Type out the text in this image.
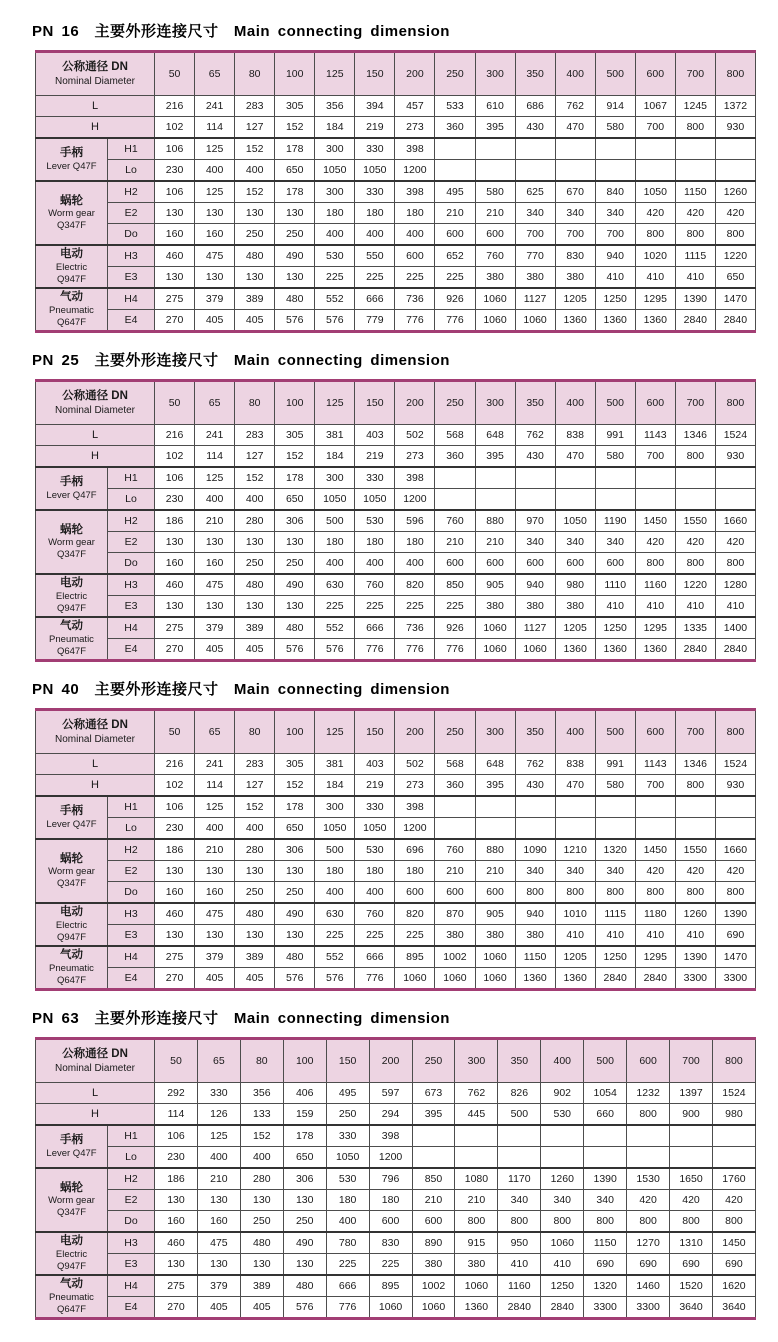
PN 16 主要外形连接尺寸 Main connecting dimension
公称通径 DN
Nominal Diameter		50	65	80	100	125	150	200	250	300	350	400	500	600	700	800
L		216	241	283	305	356	394	457	533	610	686	762	914	1067	1245	1372
H		102	114	127	152	184	219	273	360	395	430	470	580	700	800	930

手柄
Lever Q47F	H1	106	125	152	178	300	330	398								
	Lo	230	400	400	650	1050	1050	1200								

蜗轮
Worm gear
Q347F	H2	106	125	152	178	300	330	398	495	580	625	670	840	1050	1150	1260
	E2	130	130	130	130	180	180	180	210	210	340	340	340	420	420	420
	Do	160	160	250	250	400	400	400	600	600	700	700	700	800	800	800

电动
Electric
Q947F	H3	460	475	480	490	530	550	600	652	760	770	830	940	1020	1115	1220
	E3	130	130	130	130	225	225	225	225	380	380	380	410	410	410	650

气动
Pneumatic
Q647F	H4	275	379	389	480	552	666	736	926	1060	1127	1205	1250	1295	1390	1470
	E4	270	405	405	576	576	779	776	776	1060	1060	1360	1360	1360	2840	2840
PN 25 主要外形连接尺寸 Main connecting dimension
公称通径 DN
Nominal Diameter		50	65	80	100	125	150	200	250	300	350	400	500	600	700	800
L		216	241	283	305	381	403	502	568	648	762	838	991	1143	1346	1524
H		102	114	127	152	184	219	273	360	395	430	470	580	700	800	930

手柄
Lever Q47F	H1	106	125	152	178	300	330	398								
	Lo	230	400	400	650	1050	1050	1200								

蜗轮
Worm gear
Q347F	H2	186	210	280	306	500	530	596	760	880	970	1050	1190	1450	1550	1660
	E2	130	130	130	130	180	180	180	210	210	340	340	340	420	420	420
	Do	160	160	250	250	400	400	400	600	600	600	600	600	800	800	800

电动
Electric
Q947F	H3	460	475	480	490	630	760	820	850	905	940	980	1110	1160	1220	1280
	E3	130	130	130	130	225	225	225	225	380	380	380	410	410	410	410

气动
Pneumatic
Q647F	H4	275	379	389	480	552	666	736	926	1060	1127	1205	1250	1295	1335	1400
	E4	270	405	405	576	576	776	776	776	1060	1060	1360	1360	1360	2840	2840
PN 40 主要外形连接尺寸 Main connecting dimension
公称通径 DN
Nominal Diameter		50	65	80	100	125	150	200	250	300	350	400	500	600	700	800
L		216	241	283	305	381	403	502	568	648	762	838	991	1143	1346	1524
H		102	114	127	152	184	219	273	360	395	430	470	580	700	800	930

手柄
Lever Q47F	H1	106	125	152	178	300	330	398								
	Lo	230	400	400	650	1050	1050	1200								

蜗轮
Worm gear
Q347F	H2	186	210	280	306	500	530	696	760	880	1090	1210	1320	1450	1550	1660
	E2	130	130	130	130	180	180	180	210	210	340	340	340	420	420	420
	Do	160	160	250	250	400	400	600	600	600	800	800	800	800	800	800

电动
Electric
Q947F	H3	460	475	480	490	630	760	820	870	905	940	1010	1115	1180	1260	1390
	E3	130	130	130	130	225	225	225	380	380	380	410	410	410	410	690

气动
Pneumatic
Q647F	H4	275	379	389	480	552	666	895	1002	1060	1150	1205	1250	1295	1390	1470
	E4	270	405	405	576	576	776	1060	1060	1060	1360	1360	2840	2840	3300	3300
PN 63 主要外形连接尺寸 Main connecting dimension
公称通径 DN
Nominal Diameter		50	65	80	100	150	200	250	300	350	400	500	600	700	800
L		292	330	356	406	495	597	673	762	826	902	1054	1232	1397	1524
H		114	126	133	159	250	294	395	445	500	530	660	800	900	980

手柄
Lever Q47F	H1	106	125	152	178	330	398								
	Lo	230	400	400	650	1050	1200								

蜗轮
Worm gear
Q347F	H2	186	210	280	306	530	796	850	1080	1170	1260	1390	1530	1650	1760
	E2	130	130	130	130	180	180	210	210	340	340	340	420	420	420
	Do	160	160	250	250	400	600	600	800	800	800	800	800	800	800

电动
Electric
Q947F	H3	460	475	480	490	780	830	890	915	950	1060	1150	1270	1310	1450
	E3	130	130	130	130	225	225	380	380	410	410	690	690	690	690

气动
Pneumatic
Q647F	H4	275	379	389	480	666	895	1002	1060	1160	1250	1320	1460	1520	1620
	E4	270	405	405	576	776	1060	1060	1360	2840	2840	3300	3300	3640	3640
